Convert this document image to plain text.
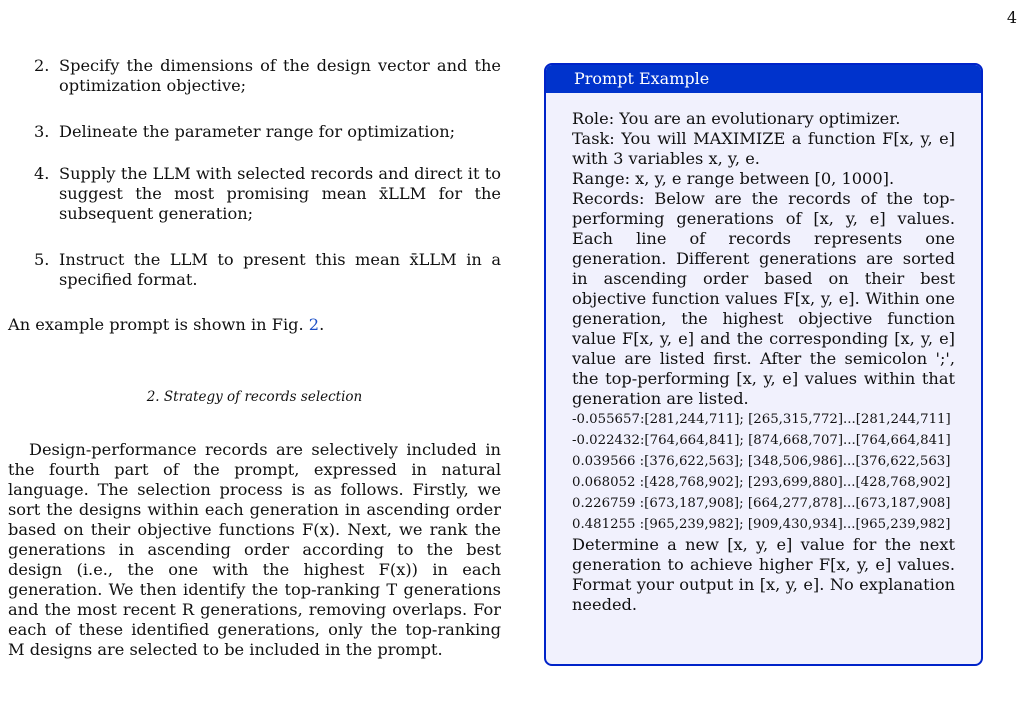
4
2. Specify the dimensions of the design vector and the optimization objective;
3. Delineate the parameter range for optimization;
4. Supply the LLM with selected records and direct it to suggest the most promising mean x̄LLM for the subsequent generation;
5. Instruct the LLM to present this mean x̄LLM in a specified format.
An example prompt is shown in Fig. 2.
2. Strategy of records selection
Design-performance records are selectively included in the fourth part of the prompt, expressed in natural language. The selection process is as follows. Firstly, we sort the designs within each generation in ascending order based on their objective functions F(x). Next, we rank the generations in ascending order according to the best design (i.e., the one with the highest F(x)) in each generation. We then identify the top-ranking T generations and the most recent R generations, removing overlaps. For each of these identified generations, only the top-ranking M designs are selected to be included in the prompt.
Prompt Example

Role: You are an evolutionary optimizer.

Task: You will MAXIMIZE a function F[x, y, e] with 3 variables x, y, e.

Range: x, y, e range between [0, 1000].

Records: Below are the records of the top-performing generations of [x, y, e] values. Each line of records represents one generation. Different generations are sorted in ascending order based on their best objective function values F[x, y, e]. Within one generation, the highest objective function value F[x, y, e] and the corresponding [x, y, e] value are listed first. After the semicolon ';', the top-performing [x, y, e] values within that generation are listed.

-0.055657:[281,244,711]; [265,315,772]...[281,244,711]
-0.022432:[764,664,841]; [874,668,707]...[764,664,841]
0.039566 :[376,622,563]; [348,506,986]...[376,622,563]
0.068052 :[428,768,902]; [293,699,880]...[428,768,902]
0.226759 :[673,187,908]; [664,277,878]...[673,187,908]
0.481255 :[965,239,982]; [909,430,934]...[965,239,982]

Determine a new [x, y, e] value for the next generation to achieve higher F[x, y, e] values. Format your output in [x, y, e]. No explanation needed.
